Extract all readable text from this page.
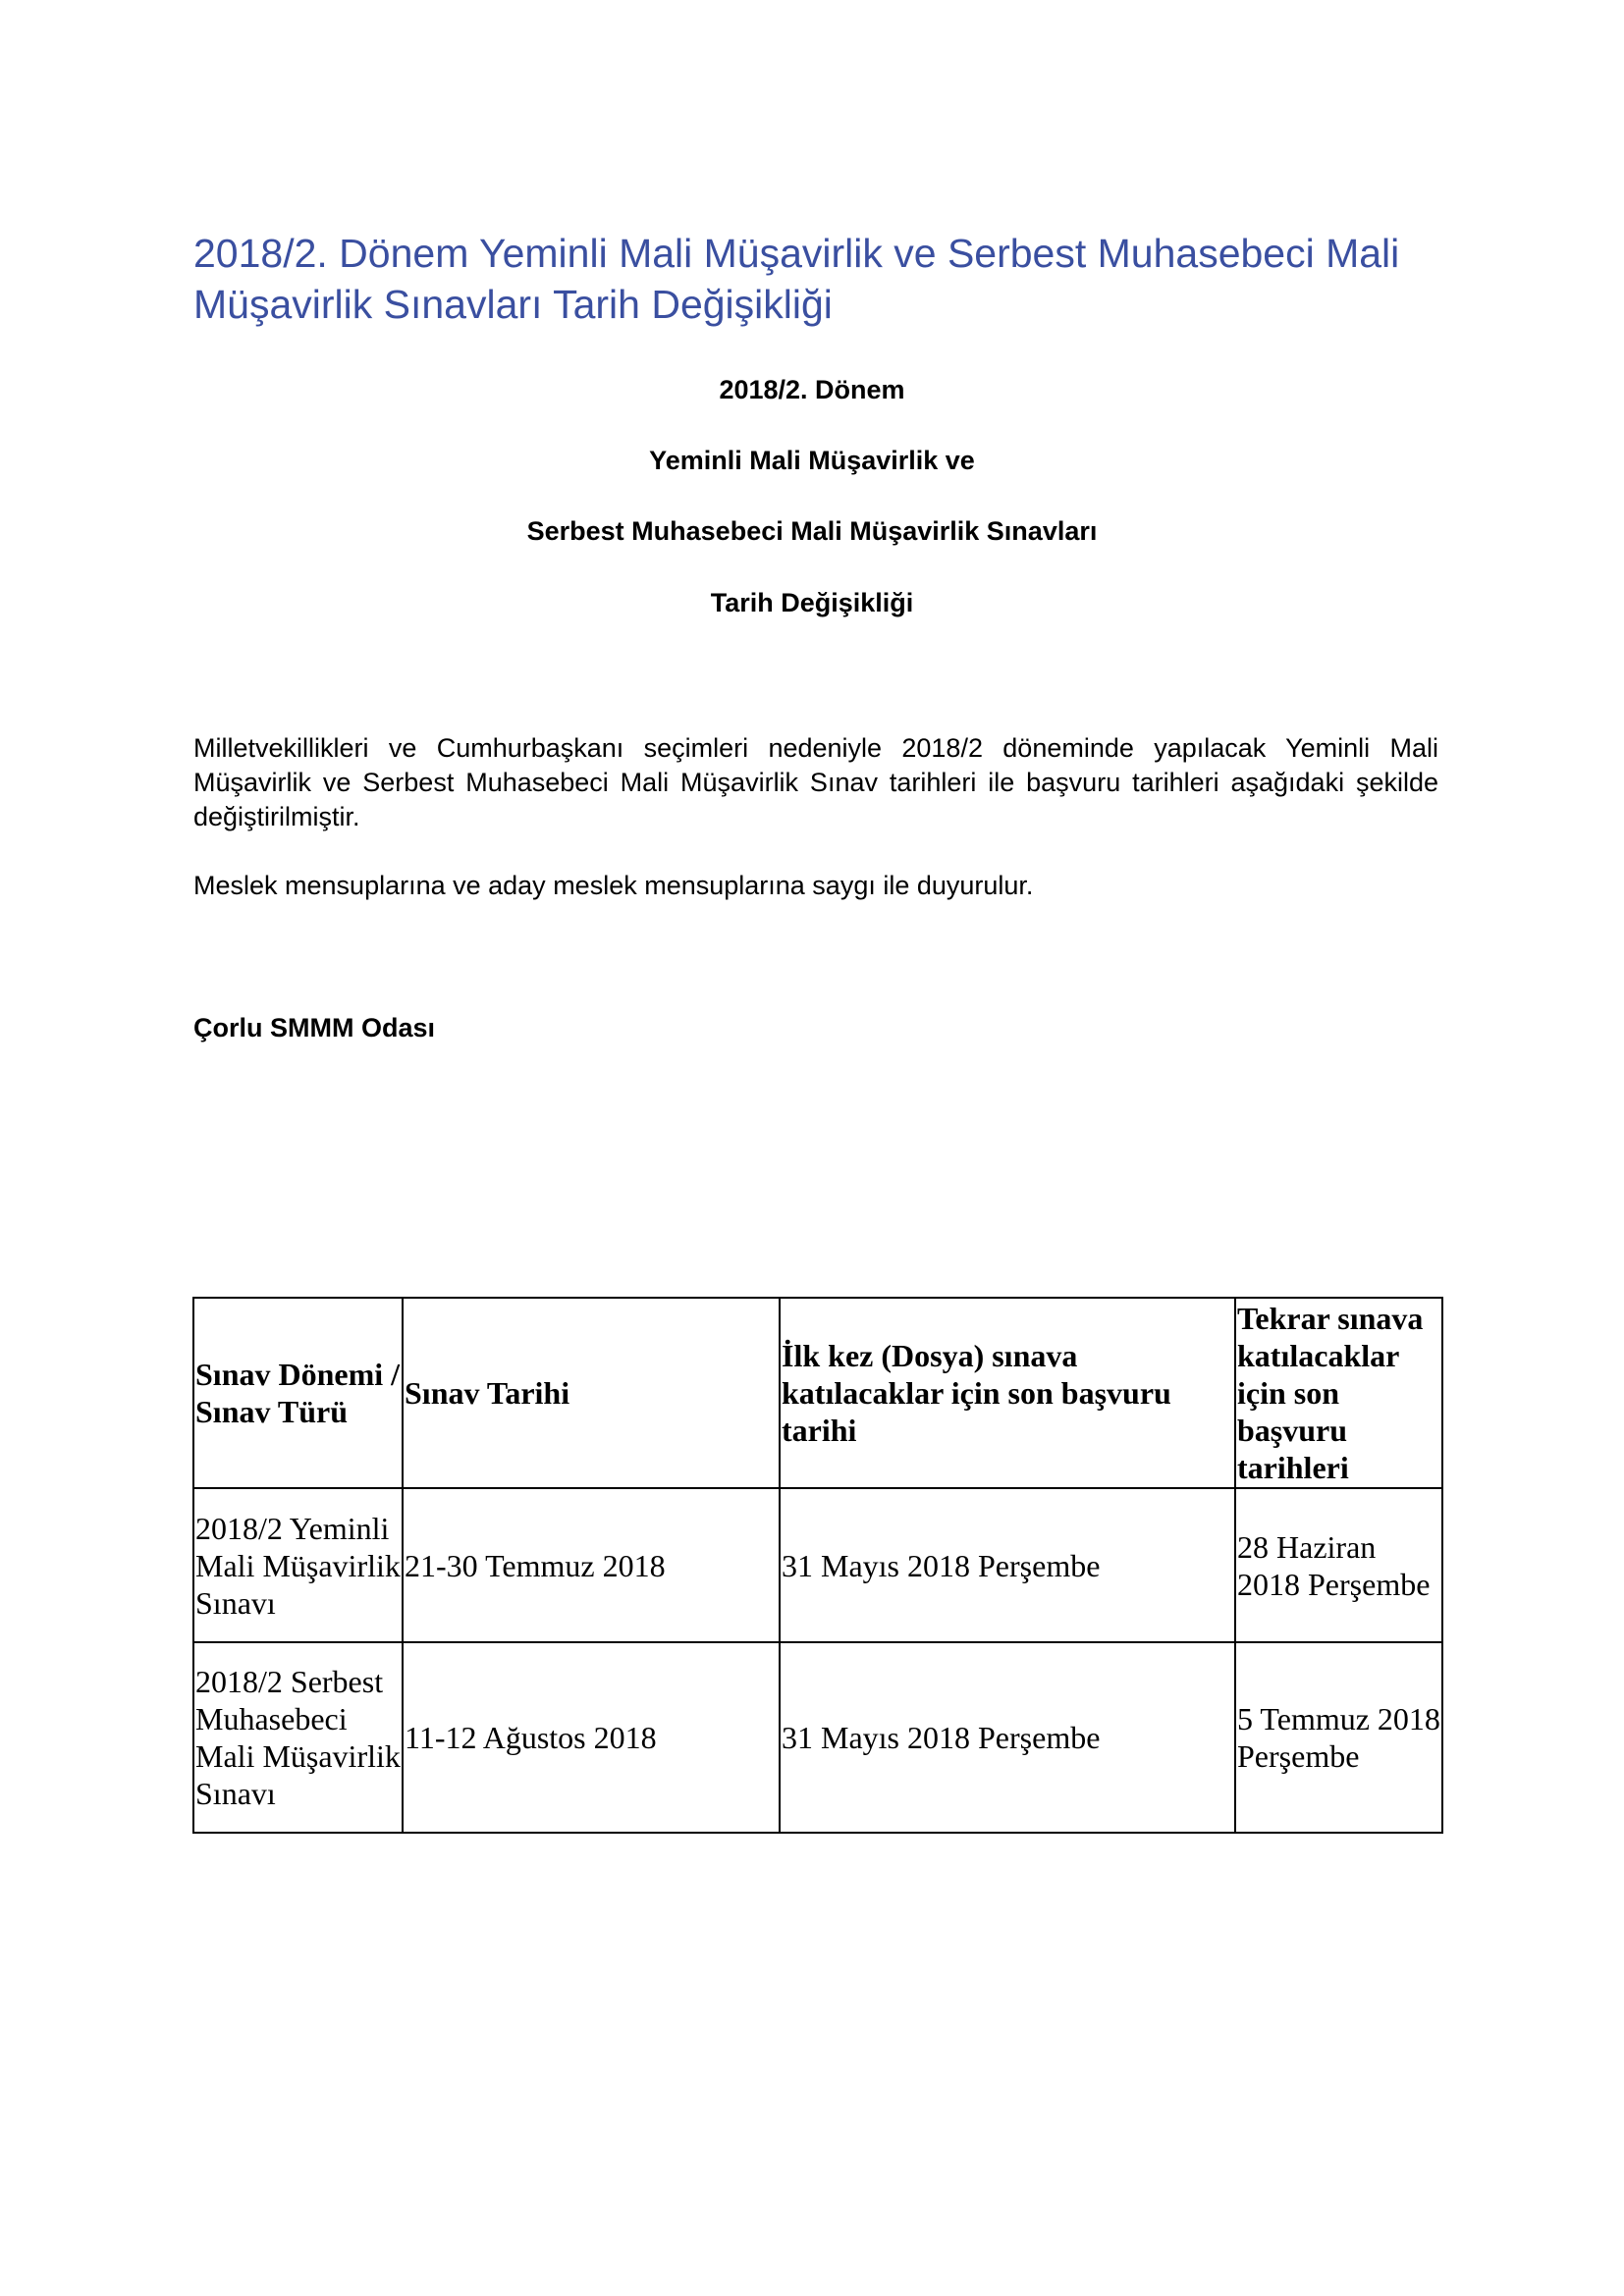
2018/2. Dönem Yeminli Mali Müşavirlik ve Serbest Muhasebeci Mali Müşavirlik Sınavları Tarih Değişikliği
2018/2. Dönem
Yeminli Mali Müşavirlik ve
Serbest Muhasebeci Mali Müşavirlik Sınavları
Tarih Değişikliği
Milletvekillikleri ve Cumhurbaşkanı seçimleri nedeniyle 2018/2 döneminde yapılacak Yeminli Mali Müşavirlik ve Serbest Muhasebeci Mali Müşavirlik Sınav tarihleri ile başvuru tarihleri aşağıdaki şekilde değiştirilmiştir.
Meslek mensuplarına ve aday meslek mensuplarına saygı ile duyurulur.
Çorlu SMMM Odası
Sınav Dönemi / Sınav Türü	Sınav Tarihi	İlk kez (Dosya) sınava katılacaklar için son başvuru tarihi	Tekrar sınava katılacaklar için son başvuru tarihleri
2018/2 Yeminli Mali Müşavirlik Sınavı	21-30 Temmuz 2018	31 Mayıs 2018 Perşembe	28 Haziran 2018 Perşembe
2018/2 Serbest Muhasebeci Mali Müşavirlik Sınavı	11-12 Ağustos 2018	31 Mayıs 2018 Perşembe	5 Temmuz 2018 Perşembe
